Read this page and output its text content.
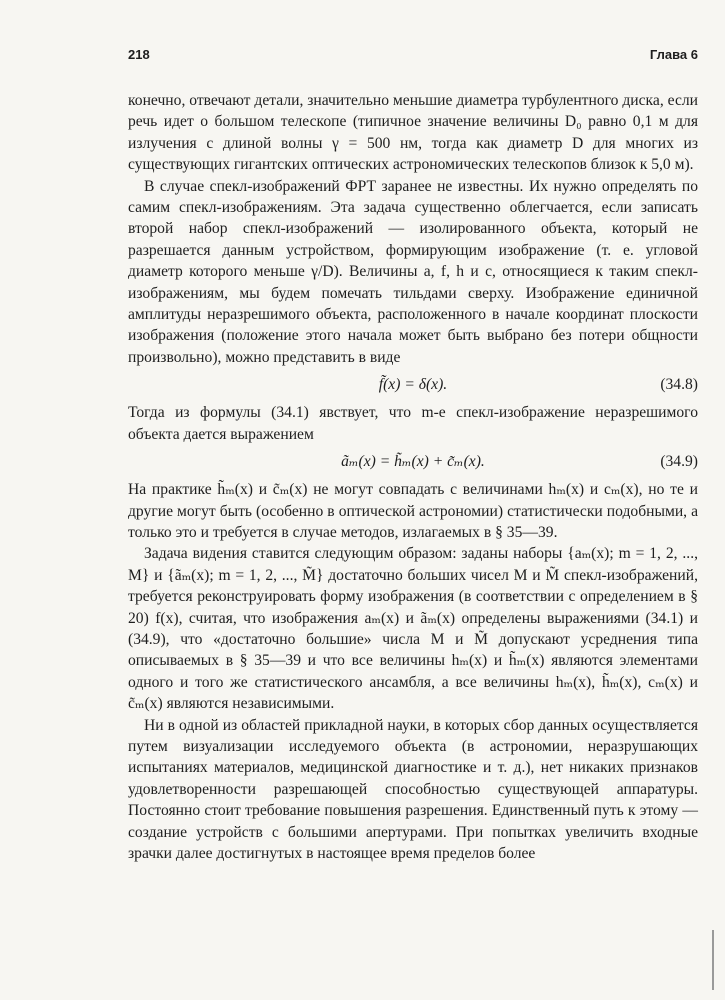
218	Глава 6

конечно, отвечают детали, значительно меньшие диаметра турбулентного диска, если речь идет о большом телескопе (типичное значение величины D₀ равно 0,1 м для излучения с длиной волны γ = 500 нм, тогда как диаметр D для многих из существующих гигантских оптических астрономических телескопов близок к 5,0 м).

В случае спекл-изображений ФРТ заранее не известны. Их нужно определять по самим спекл-изображениям. Эта задача существенно облегчается, если записать второй набор спекл-изображений — изолированного объекта, который не разрешается данным устройством, формирующим изображение (т. е. угловой диаметр которого меньше γ/D). Величины a, f, h и c, относящиеся к таким спекл-изображениям, мы будем помечать тильдами сверху. Изображение единичной амплитуды неразрешимого объекта, расположенного в начале координат плоскости изображения (положение этого начала может быть выбрано без потери общности произвольно), можно представить в виде

f̃(x) = δ(x).	(34.8)

Тогда из формулы (34.1) явствует, что m-е спекл-изображение неразрешимого объекта дается выражением

ãₘ(x) = h̃ₘ(x) + c̃ₘ(x).	(34.9)

На практике h̃ₘ(x) и c̃ₘ(x) не могут совпадать с величинами hₘ(x) и cₘ(x), но те и другие могут быть (особенно в оптической астрономии) статистически подобными, а только это и требуется в случае методов, излагаемых в § 35—39.

Задача видения ставится следующим образом: заданы наборы {aₘ(x); m = 1, 2, ..., M} и {ãₘ(x); m = 1, 2, ..., M̃} достаточно больших чисел M и M̃ спекл-изображений, требуется реконструировать форму изображения (в соответствии с определением в § 20) f(x), считая, что изображения aₘ(x) и ãₘ(x) определены выражениями (34.1) и (34.9), что «достаточно большие» числа M и M̃ допускают усреднения типа описываемых в § 35—39 и что все величины hₘ(x) и h̃ₘ(x) являются элементами одного и того же статистического ансамбля, а все величины hₘ(x), h̃ₘ(x), cₘ(x) и c̃ₘ(x) являются независимыми.

Ни в одной из областей прикладной науки, в которых сбор данных осуществляется путем визуализации исследуемого объекта (в астрономии, неразрушающих испытаниях материалов, медицинской диагностике и т. д.), нет никаких признаков удовлетворенности разрешающей способностью существующей аппаратуры. Постоянно стоит требование повышения разрешения. Единственный путь к этому — создание устройств с большими апертурами. При попытках увеличить входные зрачки далее достигнутых в настоящее время пределов более
